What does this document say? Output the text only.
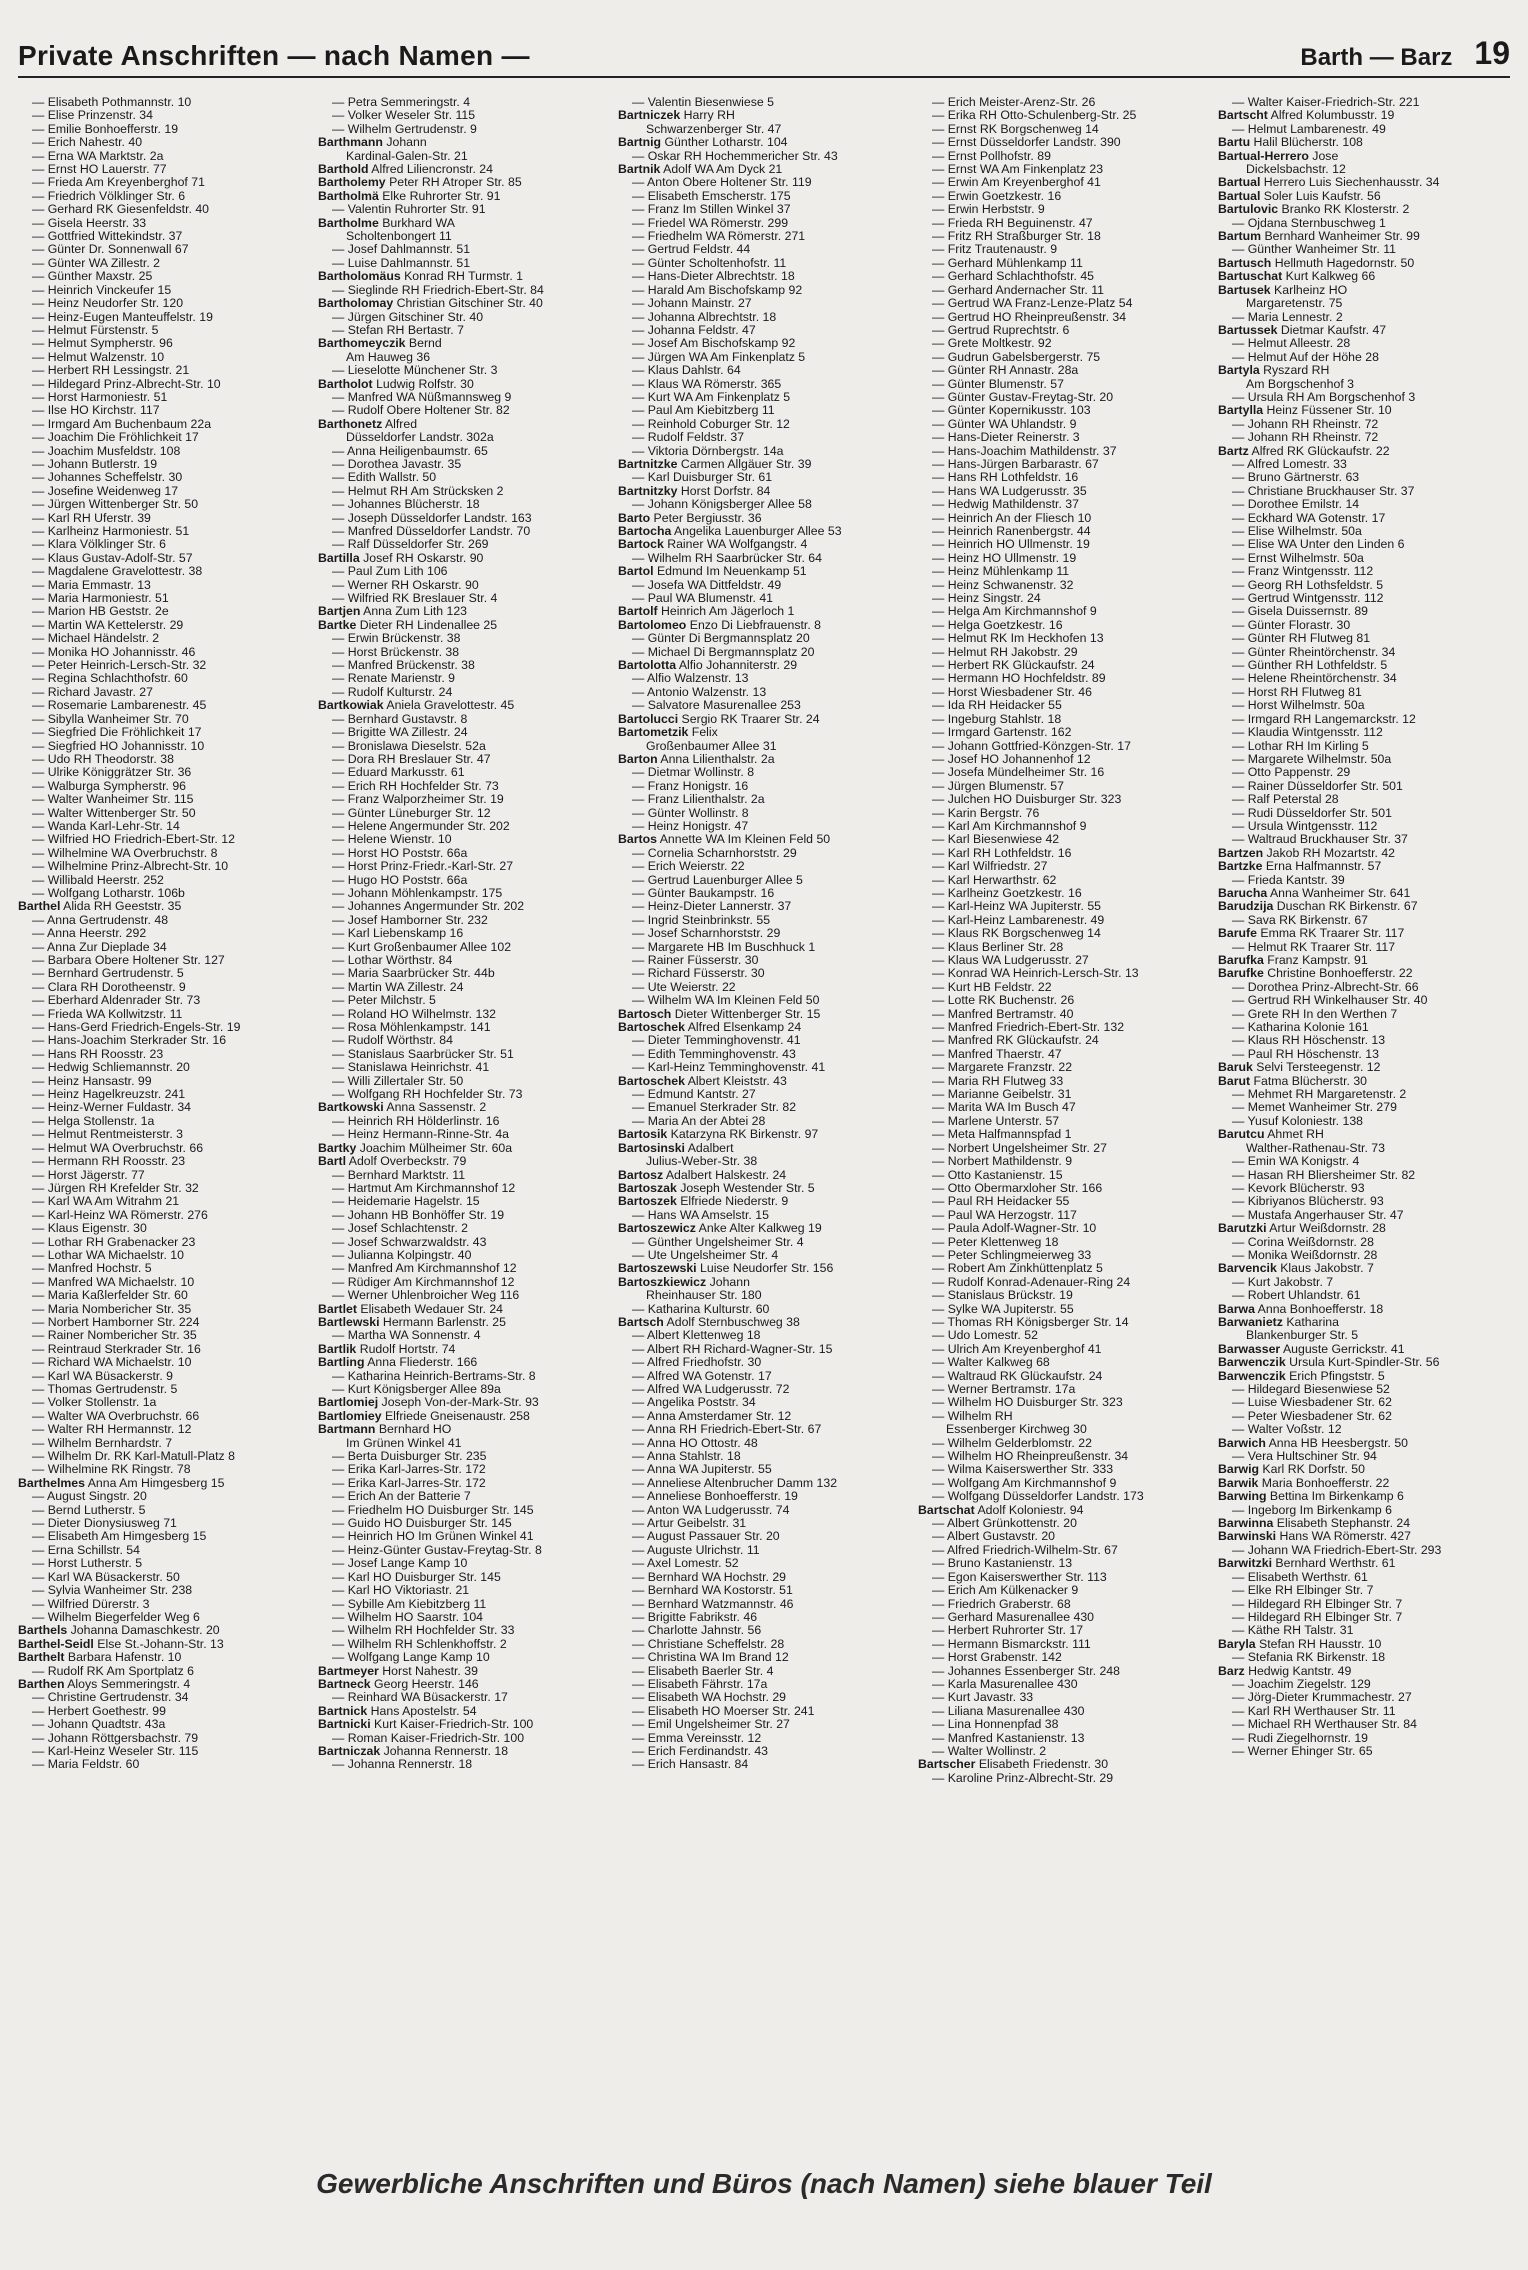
Private Anschriften — nach Namen —	Barth — Barz 19
— Elisabeth Pothmannstr. 10
— Elise Prinzenstr. 34
— Emilie Bonhoefferstr. 19
— Erich Nahestr. 40
— Erna WA Marktstr. 2a
— Ernst HO Lauerstr. 77
— Frieda Am Kreyenberghof 71
— Friedrich Völklinger Str. 6
— Gerhard RK Giesenfeldstr. 40
— Gisela Heerstr. 33
— Gottfried Wittekindstr. 37
— Günter Dr. Sonnenwall 67
— Günter WA Zillestr. 2
— Günther Maxstr. 25
— Heinrich Vinckeufer 15
— Heinz Neudorfer Str. 120
— Heinz-Eugen Manteuffelstr. 19
— Helmut Fürstenstr. 5
— Helmut Sympherstr. 96
— Helmut Walzenstr. 10
— Herbert RH Lessingstr. 21
— Hildegard Prinz-Albrecht-Str. 10
— Horst Harmoniestr. 51
— Ilse HO Kirchstr. 117
— Irmgard Am Buchenbaum 22a
— Joachim Die Fröhlichkeit 17
— Joachim Musfeldstr. 108
— Johann Butlerstr. 19
— Johannes Scheffelstr. 30
— Josefine Weidenweg 17
— Jürgen Wittenberger Str. 50
— Karl RH Uferstr. 39
— Karlheinz Harmoniestr. 51
— Klara Völklinger Str. 6
— Klaus Gustav-Adolf-Str. 57
— Magdalene Gravelottestr. 38
— Maria Emmastr. 13
— Maria Harmoniestr. 51
— Marion HB Geststr. 2e
— Martin WA Kettelerstr. 29
— Michael Händelstr. 2
— Monika HO Johannisstr. 46
— Peter Heinrich-Lersch-Str. 32
— Regina Schlachthofstr. 60
— Richard Javastr. 27
— Rosemarie Lambarenestr. 45
— Sibylla Wanheimer Str. 70
— Siegfried Die Fröhlichkeit 17
— Siegfried HO Johannisstr. 10
— Udo RH Theodorstr. 38
— Ulrike Königgrätzer Str. 36
— Walburga Sympherstr. 96
— Walter Wanheimer Str. 115
— Walter Wittenberger Str. 50
— Wanda Karl-Lehr-Str. 14
— Wilfried HO Friedrich-Ebert-Str. 12
— Wilhelmine WA Overbruchstr. 8
— Wilhelmine Prinz-Albrecht-Str. 10
— Willibald Heerstr. 252
— Wolfgang Lotharstr. 106b
Barthel Alida RH Geeststr. 35
— Anna Gertrudenstr. 48
— Anna Heerstr. 292
— Anna Zur Dieplade 34
— Barbara Obere Holtener Str. 127
— Bernhard Gertrudenstr. 5
— Clara RH Dorotheenstr. 9
— Eberhard Aldenrader Str. 73
— Frieda WA Kollwitzstr. 11
— Hans-Gerd Friedrich-Engels-Str. 19
— Hans-Joachim Sterkrader Str. 16
— Hans RH Roosstr. 23
— Hedwig Schliemannstr. 20
— Heinz Hansastr. 99
— Heinz Hagelkreuzstr. 241
— Heinz-Werner Fuldastr. 34
— Helga Stollenstr. 1a
— Helmut Rentmeisterstr. 3
— Helmut WA Overbruchstr. 66
— Hermann RH Roosstr. 23
— Horst Jägerstr. 77
— Jürgen RH Krefelder Str. 32
— Karl WA Am Witrahm 21
— Karl-Heinz WA Römerstr. 276
— Klaus Eigenstr. 30
— Lothar RH Grabenacker 23
— Lothar WA Michaelstr. 10
— Manfred Hochstr. 5
— Manfred WA Michaelstr. 10
— Maria Kaßlerfelder Str. 60
— Maria Nombericher Str. 35
— Norbert Hamborner Str. 224
— Rainer Nombericher Str. 35
— Reintraud Sterkrader Str. 16
— Richard WA Michaelstr. 10
— Karl WA Büsackerstr. 9
— Thomas Gertrudenstr. 5
— Volker Stollenstr. 1a
— Walter WA Overbruchstr. 66
— Walter RH Hermannstr. 12
— Wilhelm Bernhardstr. 7
— Wilhelm Dr. RK Karl-Matull-Platz 8
— Wilhelmine RK Ringstr. 78
Barthelmes Anna Am Himgesberg 15
— August Singstr. 20
— Bernd Lutherstr. 5
— Dieter Dionysiusweg 71
— Elisabeth Am Himgesberg 15
— Erna Schillstr. 54
— Horst Lutherstr. 5
— Karl WA Büsackerstr. 50
— Sylvia Wanheimer Str. 238
— Wilfried Dürerstr. 3
— Wilhelm Biegerfelder Weg 6
Barthels Johanna Damaschkestr. 20
Barthel-Seidl Else St.-Johann-Str. 13
Barthelt Barbara Hafenstr. 10
— Rudolf RK Am Sportplatz 6
Barthen Aloys Semmeringstr. 4
— Christine Gertrudenstr. 34
— Herbert Goethestr. 99
— Johann Quadtstr. 43a
— Johann Röttgersbachstr. 79
— Karl-Heinz Weseler Str. 115
— Maria Feldstr. 60
— Petra Semmeringstr. 4
— Volker Weseler Str. 115
— Wilhelm Gertrudenstr. 9
Barthmann Johann
Kardinal-Galen-Str. 21
Barthold Alfred Liliencronstr. 24
Bartholemy Peter RH Atroper Str. 85
Bartholmä Elke Ruhrorter Str. 91
— Valentin Ruhrorter Str. 91
Bartholme Burkhard WA
Scholtenbongert 11
— Josef Dahlmannstr. 51
— Luise Dahlmannstr. 51
Bartholomäus Konrad RH Turmstr. 1
— Sieglinde RH Friedrich-Ebert-Str. 84
Bartholomay Christian Gitschiner Str. 40
— Jürgen Gitschiner Str. 40
— Stefan RH Bertastr. 7
Barthomeyczik Bernd
Am Hauweg 36
— Lieselotte Münchener Str. 3
Bartholot Ludwig Rolfstr. 30
— Manfred WA Nüßmannsweg 9
— Rudolf Obere Holtener Str. 82
Barthonetz Alfred
Düsseldorfer Landstr. 302a
— Anna Heiligenbaumstr. 65
— Dorothea Javastr. 35
— Edith Wallstr. 50
— Helmut RH Am Strücksken 2
— Johannes Blücherstr. 18
— Joseph Düsseldorfer Landstr. 163
— Manfred Düsseldorfer Landstr. 70
— Ralf Düsseldorfer Str. 269
Bartilla Josef RH Oskarstr. 90
— Paul Zum Lith 106
— Werner RH Oskarstr. 90
— Wilfried RK Breslauer Str. 4
Bartjen Anna Zum Lith 123
Bartke Dieter RH Lindenallee 25
— Erwin Brückenstr. 38
— Horst Brückenstr. 38
— Manfred Brückenstr. 38
— Renate Marienstr. 9
— Rudolf Kulturstr. 24
Bartkowiak Aniela Gravelottestr. 45
— Bernhard Gustavstr. 8
— Brigitte WA Zillestr. 24
— Bronislawa Dieselstr. 52a
— Dora RH Breslauer Str. 47
— Eduard Markusstr. 61
— Erich RH Hochfelder Str. 73
— Franz Walporzheimer Str. 19
— Günter Lüneburger Str. 12
— Helene Angermunder Str. 202
— Helene Wienstr. 10
— Horst HO Poststr. 66a
— Horst Prinz-Friedr.-Karl-Str. 27
— Hugo HO Poststr. 66a
— Johann Möhlenkampstr. 175
— Johannes Angermunder Str. 202
— Josef Hamborner Str. 232
— Karl Liebenskamp 16
— Kurt Großenbaumer Allee 102
— Lothar Wörthstr. 84
— Maria Saarbrücker Str. 44b
— Martin WA Zillestr. 24
— Peter Milchstr. 5
— Roland HO Wilhelmstr. 132
— Rosa Möhlenkampstr. 141
— Rudolf Wörthstr. 84
— Stanislaus Saarbrücker Str. 51
— Stanislawa Heinrichstr. 41
— Willi Zillertaler Str. 50
— Wolfgang RH Hochfelder Str. 73
Bartkowski Anna Sassenstr. 2
— Heinrich RH Hölderlinstr. 16
— Heinz Hermann-Rinne-Str. 4a
Bartky Joachim Mülheimer Str. 60a
Bartl Adolf Overbeckstr. 79
— Bernhard Marktstr. 11
— Hartmut Am Kirchmannshof 12
— Heidemarie Hagelstr. 15
— Johann HB Bonhöffer Str. 19
— Josef Schlachtenstr. 2
— Josef Schwarzwaldstr. 43
— Julianna Kolpingstr. 40
— Manfred Am Kirchmannshof 12
— Rüdiger Am Kirchmannshof 12
— Werner Uhlenbroicher Weg 116
Bartlet Elisabeth Wedauer Str. 24
Bartlewski Hermann Barlenstr. 25
— Martha WA Sonnenstr. 4
Bartlik Rudolf Hortstr. 74
Bartling Anna Fliederstr. 166
— Katharina Heinrich-Bertrams-Str. 8
— Kurt Königsberger Allee 89a
Bartlomiej Joseph Von-der-Mark-Str. 93
Bartlomiey Elfriede Gneisenaustr. 258
Bartmann Bernhard HO
Im Grünen Winkel 41
— Berta Duisburger Str. 235
— Erika Karl-Jarres-Str. 172
— Erika Karl-Jarres-Str. 172
— Erich An der Batterie 7
— Friedhelm HO Duisburger Str. 145
— Guido HO Duisburger Str. 145
— Heinrich HO Im Grünen Winkel 41
— Heinz-Günter Gustav-Freytag-Str. 8
— Josef Lange Kamp 10
— Karl HO Duisburger Str. 145
— Karl HO Viktoriastr. 21
— Sybille Am Kiebitzberg 11
— Wilhelm HO Saarstr. 104
— Wilhelm RH Hochfelder Str. 33
— Wilhelm RH Schlenkhoffstr. 2
— Wolfgang Lange Kamp 10
Bartmeyer Horst Nahestr. 39
Bartneck Georg Heerstr. 146
— Reinhard WA Büsackerstr. 17
Bartnick Hans Apostelstr. 54
Bartnicki Kurt Kaiser-Friedrich-Str. 100
— Roman Kaiser-Friedrich-Str. 100
Bartniczak Johanna Rennerstr. 18
— Johanna Rennerstr. 18
— Valentin Biesenwiese 5
Bartniczek Harry RH
Schwarzenberger Str. 47
Bartnig Günther Lotharstr. 104
— Oskar RH Hochemmericher Str. 43
Bartnik Adolf WA Am Dyck 21
— Anton Obere Holtener Str. 119
— Elisabeth Emscherstr. 175
— Franz Im Stillen Winkel 37
— Friedel WA Römerstr. 299
— Friedhelm WA Römerstr. 271
— Gertrud Feldstr. 44
— Günter Scholtenhofstr. 11
— Hans-Dieter Albrechtstr. 18
— Harald Am Bischofskamp 92
— Johann Mainstr. 27
— Johanna Albrechtstr. 18
— Johanna Feldstr. 47
— Josef Am Bischofskamp 92
— Jürgen WA Am Finkenplatz 5
— Klaus Dahlstr. 64
— Klaus WA Römerstr. 365
— Kurt WA Am Finkenplatz 5
— Paul Am Kiebitzberg 11
— Reinhold Coburger Str. 12
— Rudolf Feldstr. 37
— Viktoria Dörnbergstr. 14a
Bartnitzke Carmen Allgäuer Str. 39
— Karl Duisburger Str. 61
Bartnitzky Horst Dorfstr. 84
— Johann Königsberger Allee 58
Barto Peter Bergiusstr. 36
Bartocha Angelika Lauenburger Allee 53
Bartock Rainer WA Wolfgangstr. 4
— Wilhelm RH Saarbrücker Str. 64
Bartol Edmund Im Neuenkamp 51
— Josefa WA Dittfeldstr. 49
— Paul WA Blumenstr. 41
Bartolf Heinrich Am Jägerloch 1
Bartolomeo Enzo Di Liebfrauenstr. 8
— Günter Di Bergmannsplatz 20
— Michael Di Bergmannsplatz 20
Bartolotta Alfio Johanniterstr. 29
— Alfio Walzenstr. 13
— Antonio Walzenstr. 13
— Salvatore Masurenallee 253
Bartolucci Sergio RK Traarer Str. 24
Bartometzik Felix
Großenbaumer Allee 31
Barton Anna Lilienthalstr. 2a
— Dietmar Wollinstr. 8
— Franz Honigstr. 16
— Franz Lilienthalstr. 2a
— Günter Wollinstr. 8
— Heinz Honigstr. 47
Bartos Annette WA Im Kleinen Feld 50
— Cornelia Scharnhorststr. 29
— Erich Weierstr. 22
— Gertrud Lauenburger Allee 5
— Günter Baukampstr. 16
— Heinz-Dieter Lannerstr. 37
— Ingrid Steinbrinkstr. 55
— Josef Scharnhorststr. 29
— Margarete HB Im Buschhuck 1
— Rainer Füsserstr. 30
— Richard Füsserstr. 30
— Ute Weierstr. 22
— Wilhelm WA Im Kleinen Feld 50
Bartosch Dieter Wittenberger Str. 15
Bartoschek Alfred Elsenkamp 24
— Dieter Temminghovenstr. 41
— Edith Temminghovenstr. 43
— Karl-Heinz Temminghovenstr. 41
Bartoschek Albert Kleiststr. 43
— Edmund Kantstr. 27
— Emanuel Sterkrader Str. 82
— Maria An der Abtei 28
Bartosik Katarzyna RK Birkenstr. 97
Bartosinski Adalbert
Julius-Weber-Str. 38
Bartosz Adalbert Halskestr. 24
Bartoszak Joseph Westender Str. 5
Bartoszek Elfriede Niederstr. 9
— Hans WA Amselstr. 15
Bartoszewicz Anke Alter Kalkweg 19
— Günther Ungelsheimer Str. 4
— Ute Ungelsheimer Str. 4
Bartoszewski Luise Neudorfer Str. 156
Bartoszkiewicz Johann
Rheinhauser Str. 180
— Katharina Kulturstr. 60
Bartsch Adolf Sternbuschweg 38
— Albert Klettenweg 18
— Albert RH Richard-Wagner-Str. 15
— Alfred Friedhofstr. 30
— Alfred WA Gotenstr. 17
— Alfred WA Ludgerusstr. 72
— Angelika Poststr. 34
— Anna Amsterdamer Str. 12
— Anna RH Friedrich-Ebert-Str. 67
— Anna HO Ottostr. 48
— Anna Stahlstr. 18
— Anna WA Jupiterstr. 55
— Anneliese Altenbrucher Damm 132
— Anneliese Bonhoefferstr. 19
— Anton WA Ludgerusstr. 74
— Artur Geibelstr. 31
— August Passauer Str. 20
— Auguste Ulrichstr. 11
— Axel Lomestr. 52
— Bernhard WA Hochstr. 29
— Bernhard WA Kostorstr. 51
— Bernhard Watzmannstr. 46
— Brigitte Fabrikstr. 46
— Charlotte Jahnstr. 56
— Christiane Scheffelstr. 28
— Christina WA Im Brand 12
— Elisabeth Baerler Str. 4
— Elisabeth Fährstr. 17a
— Elisabeth WA Hochstr. 29
— Elisabeth HO Moerser Str. 241
— Emil Ungelsheimer Str. 27
— Emma Vereinsstr. 12
— Erich Ferdinandstr. 43
— Erich Hansastr. 84
— Erich Meister-Arenz-Str. 26
— Erika RH Otto-Schulenberg-Str. 25
— Ernst RK Borgschenweg 14
— Ernst Düsseldorfer Landstr. 390
— Ernst Pollhofstr. 89
— Ernst WA Am Finkenplatz 23
— Erwin Am Kreyenberghof 41
— Erwin Goetzkestr. 16
— Erwin Herbststr. 9
— Frieda RH Beguinenstr. 47
— Fritz RH Straßburger Str. 18
— Fritz Trautenaustr. 9
— Gerhard Mühlenkamp 11
— Gerhard Schlachthofstr. 45
— Gerhard Andernacher Str. 11
— Gertrud WA Franz-Lenze-Platz 54
— Gertrud HO Rheinpreußenstr. 34
— Gertrud Ruprechtstr. 6
— Grete Moltkestr. 92
— Gudrun Gabelsbergerstr. 75
— Günter RH Annastr. 28a
— Günter Blumenstr. 57
— Günter Gustav-Freytag-Str. 20
— Günter Kopernikusstr. 103
— Günter WA Uhlandstr. 9
— Hans-Dieter Reinerstr. 3
— Hans-Joachim Mathildenstr. 37
— Hans-Jürgen Barbarastr. 67
— Hans RH Lothfeldstr. 16
— Hans WA Ludgerusstr. 35
— Hedwig Mathildenstr. 37
— Heinrich An der Fliesch 10
— Heinrich Ranenbergstr. 44
— Heinrich HO Ullmenstr. 19
— Heinz HO Ullmenstr. 19
— Heinz Mühlenkamp 11
— Heinz Schwanenstr. 32
— Heinz Singstr. 24
— Helga Am Kirchmannshof 9
— Helga Goetzkestr. 16
— Helmut RK Im Heckhofen 13
— Helmut RH Jakobstr. 29
— Herbert RK Glückaufstr. 24
— Hermann HO Hochfeldstr. 89
— Horst Wiesbadener Str. 46
— Ida RH Heidacker 55
— Ingeburg Stahlstr. 18
— Irmgard Gartenstr. 162
— Johann Gottfried-Könzgen-Str. 17
— Josef HO Johannenhof 12
— Josefa Mündelheimer Str. 16
— Jürgen Blumenstr. 57
— Julchen HO Duisburger Str. 323
— Karin Bergstr. 76
— Karl Am Kirchmannshof 9
— Karl Biesenwiese 42
— Karl RH Lothfeldstr. 16
— Karl Wilfriedstr. 27
— Karl Herwarthstr. 62
— Karlheinz Goetzkestr. 16
— Karl-Heinz WA Jupiterstr. 55
— Karl-Heinz Lambarenestr. 49
— Klaus RK Borgschenweg 14
— Klaus Berliner Str. 28
— Klaus WA Ludgerusstr. 27
— Konrad WA Heinrich-Lersch-Str. 13
— Kurt HB Feldstr. 22
— Lotte RK Buchenstr. 26
— Manfred Bertramstr. 40
— Manfred Friedrich-Ebert-Str. 132
— Manfred RK Glückaufstr. 24
— Manfred Thaerstr. 47
— Margarete Franzstr. 22
— Maria RH Flutweg 33
— Marianne Geibelstr. 31
— Marita WA Im Busch 47
— Marlene Unterstr. 57
— Meta Halfmannspfad 1
— Norbert Ungelsheimer Str. 27
— Norbert Mathildenstr. 9
— Otto Kastanienstr. 15
— Otto Obermarxloher Str. 166
— Paul RH Heidacker 55
— Paul WA Herzogstr. 117
— Paula Adolf-Wagner-Str. 10
— Peter Klettenweg 18
— Peter Schlingmeierweg 33
— Robert Am Zinkhüttenplatz 5
— Rudolf Konrad-Adenauer-Ring 24
— Stanislaus Brückstr. 19
— Sylke WA Jupiterstr. 55
— Thomas RH Königsberger Str. 14
— Udo Lomestr. 52
— Ulrich Am Kreyenberghof 41
— Walter Kalkweg 68
— Waltraud RK Glückaufstr. 24
— Werner Bertramstr. 17a
— Wilhelm HO Duisburger Str. 323
— Wilhelm RH
Essenberger Kirchweg 30
— Wilhelm Gelderblomstr. 22
— Wilhelm HO Rheinpreußenstr. 34
— Wilma Kaiserswerther Str. 333
— Wolfgang Am Kirchmannshof 9
— Wolfgang Düsseldorfer Landstr. 173
Bartschat Adolf Koloniestr. 94
— Albert Grünkottenstr. 20
— Albert Gustavstr. 20
— Alfred Friedrich-Wilhelm-Str. 67
— Bruno Kastanienstr. 13
— Egon Kaiserswerther Str. 113
— Erich Am Külkenacker 9
— Friedrich Graberstr. 68
— Gerhard Masurenallee 430
— Herbert Ruhrorter Str. 17
— Hermann Bismarckstr. 111
— Horst Grabenstr. 142
— Johannes Essenberger Str. 248
— Karla Masurenallee 430
— Kurt Javastr. 33
— Liliana Masurenallee 430
— Lina Honnenpfad 38
— Manfred Kastanienstr. 13
— Walter Wollinstr. 2
Bartscher Elisabeth Friedenstr. 30
— Karoline Prinz-Albrecht-Str. 29
— Walter Kaiser-Friedrich-Str. 221
Bartscht Alfred Kolumbusstr. 19
— Helmut Lambarenestr. 49
Bartu Halil Blücherstr. 108
Bartual-Herrero Jose
Dickelsbachstr. 12
Bartual Herrero Luis Siechenhausstr. 34
Bartual Soler Luis Kaufstr. 56
Bartulovic Branko RK Klosterstr. 2
— Ojdana Sternbuschweg 1
Bartum Bernhard Wanheimer Str. 99
— Günther Wanheimer Str. 11
Bartusch Hellmuth Hagedornstr. 50
Bartuschat Kurt Kalkweg 66
Bartusek Karlheinz HO
Margaretenstr. 75
— Maria Lennestr. 2
Bartussek Dietmar Kaufstr. 47
— Helmut Alleestr. 28
— Helmut Auf der Höhe 28
Bartyla Ryszard RH
Am Borgschenhof 3
— Ursula RH Am Borgschenhof 3
Bartylla Heinz Füssener Str. 10
— Johann RH Rheinstr. 72
— Johann RH Rheinstr. 72
Bartz Alfred RK Glückaufstr. 22
— Alfred Lomestr. 33
— Bruno Gärtnerstr. 63
— Christiane Bruckhauser Str. 37
— Dorothee Emilstr. 14
— Eckhard WA Gotenstr. 17
— Elise Wilhelmstr. 50a
— Elise WA Unter den Linden 6
— Ernst Wilhelmstr. 50a
— Franz Wintgensstr. 112
— Georg RH Lothsfeldstr. 5
— Gertrud Wintgensstr. 112
— Gisela Duissernstr. 89
— Günter Florastr. 30
— Günter RH Flutweg 81
— Günter Rheintörchenstr. 34
— Günther RH Lothfeldstr. 5
— Helene Rheintörchenstr. 34
— Horst RH Flutweg 81
— Horst Wilhelmstr. 50a
— Irmgard RH Langemarckstr. 12
— Klaudia Wintgensstr. 112
— Lothar RH Im Kirling 5
— Margarete Wilhelmstr. 50a
— Otto Pappenstr. 29
— Rainer Düsseldorfer Str. 501
— Ralf Peterstal 28
— Rudi Düsseldorfer Str. 501
— Ursula Wintgensstr. 112
— Waltraud Bruckhauser Str. 37
Bartzen Jakob RH Mozartstr. 42
Bartzke Erna Halfmannstr. 57
— Frieda Kantstr. 39
Barucha Anna Wanheimer Str. 641
Barudzija Duschan RK Birkenstr. 67
— Sava RK Birkenstr. 67
Barufe Emma RK Traarer Str. 117
— Helmut RK Traarer Str. 117
Barufka Franz Kampstr. 91
Barufke Christine Bonhoefferstr. 22
— Dorothea Prinz-Albrecht-Str. 66
— Gertrud RH Winkelhauser Str. 40
— Grete RH In den Werthen 7
— Katharina Kolonie 161
— Klaus RH Höschenstr. 13
— Paul RH Höschenstr. 13
Baruk Selvi Tersteegenstr. 12
Barut Fatma Blücherstr. 30
— Mehmet RH Margaretenstr. 2
— Memet Wanheimer Str. 279
— Yusuf Koloniestr. 138
Barutcu Ahmet RH
Walther-Rathenau-Str. 73
— Emin WA Konigstr. 4
— Hasan RH Bliersheimer Str. 82
— Kevork Blücherstr. 93
— Kibriyanos Blücherstr. 93
— Mustafa Angerhauser Str. 47
Barutzki Artur Weißdornstr. 28
— Corina Weißdornstr. 28
— Monika Weißdornstr. 28
Barvencik Klaus Jakobstr. 7
— Kurt Jakobstr. 7
— Robert Uhlandstr. 61
Barwa Anna Bonhoefferstr. 18
Barwanietz Katharina
Blankenburger Str. 5
Barwasser Auguste Gerrickstr. 41
Barwenczik Ursula Kurt-Spindler-Str. 56
Barwenczik Erich Pfingststr. 5
— Hildegard Biesenwiese 52
— Luise Wiesbadener Str. 62
— Peter Wiesbadener Str. 62
— Walter Voßstr. 12
Barwich Anna HB Heesbergstr. 50
— Vera Hultschiner Str. 94
Barwig Karl RK Dorfstr. 50
Barwik Maria Bonhoefferstr. 22
Barwing Bettina Im Birkenkamp 6
— Ingeborg Im Birkenkamp 6
Barwinna Elisabeth Stephanstr. 24
Barwinski Hans WA Römerstr. 427
— Johann WA Friedrich-Ebert-Str. 293
Barwitzki Bernhard Werthstr. 61
— Elisabeth Werthstr. 61
— Elke RH Elbinger Str. 7
— Hildegard RH Elbinger Str. 7
— Hildegard RH Elbinger Str. 7
— Käthe RH Talstr. 31
Baryla Stefan RH Hausstr. 10
— Stefania RK Birkenstr. 18
Barz Hedwig Kantstr. 49
— Joachim Ziegelstr. 129
— Jörg-Dieter Krummachestr. 27
— Karl RH Werthauser Str. 11
— Michael RH Werthauser Str. 84
— Rudi Ziegelhornstr. 19
— Werner Ehinger Str. 65
Gewerbliche Anschriften und Büros (nach Namen) siehe blauer Teil
